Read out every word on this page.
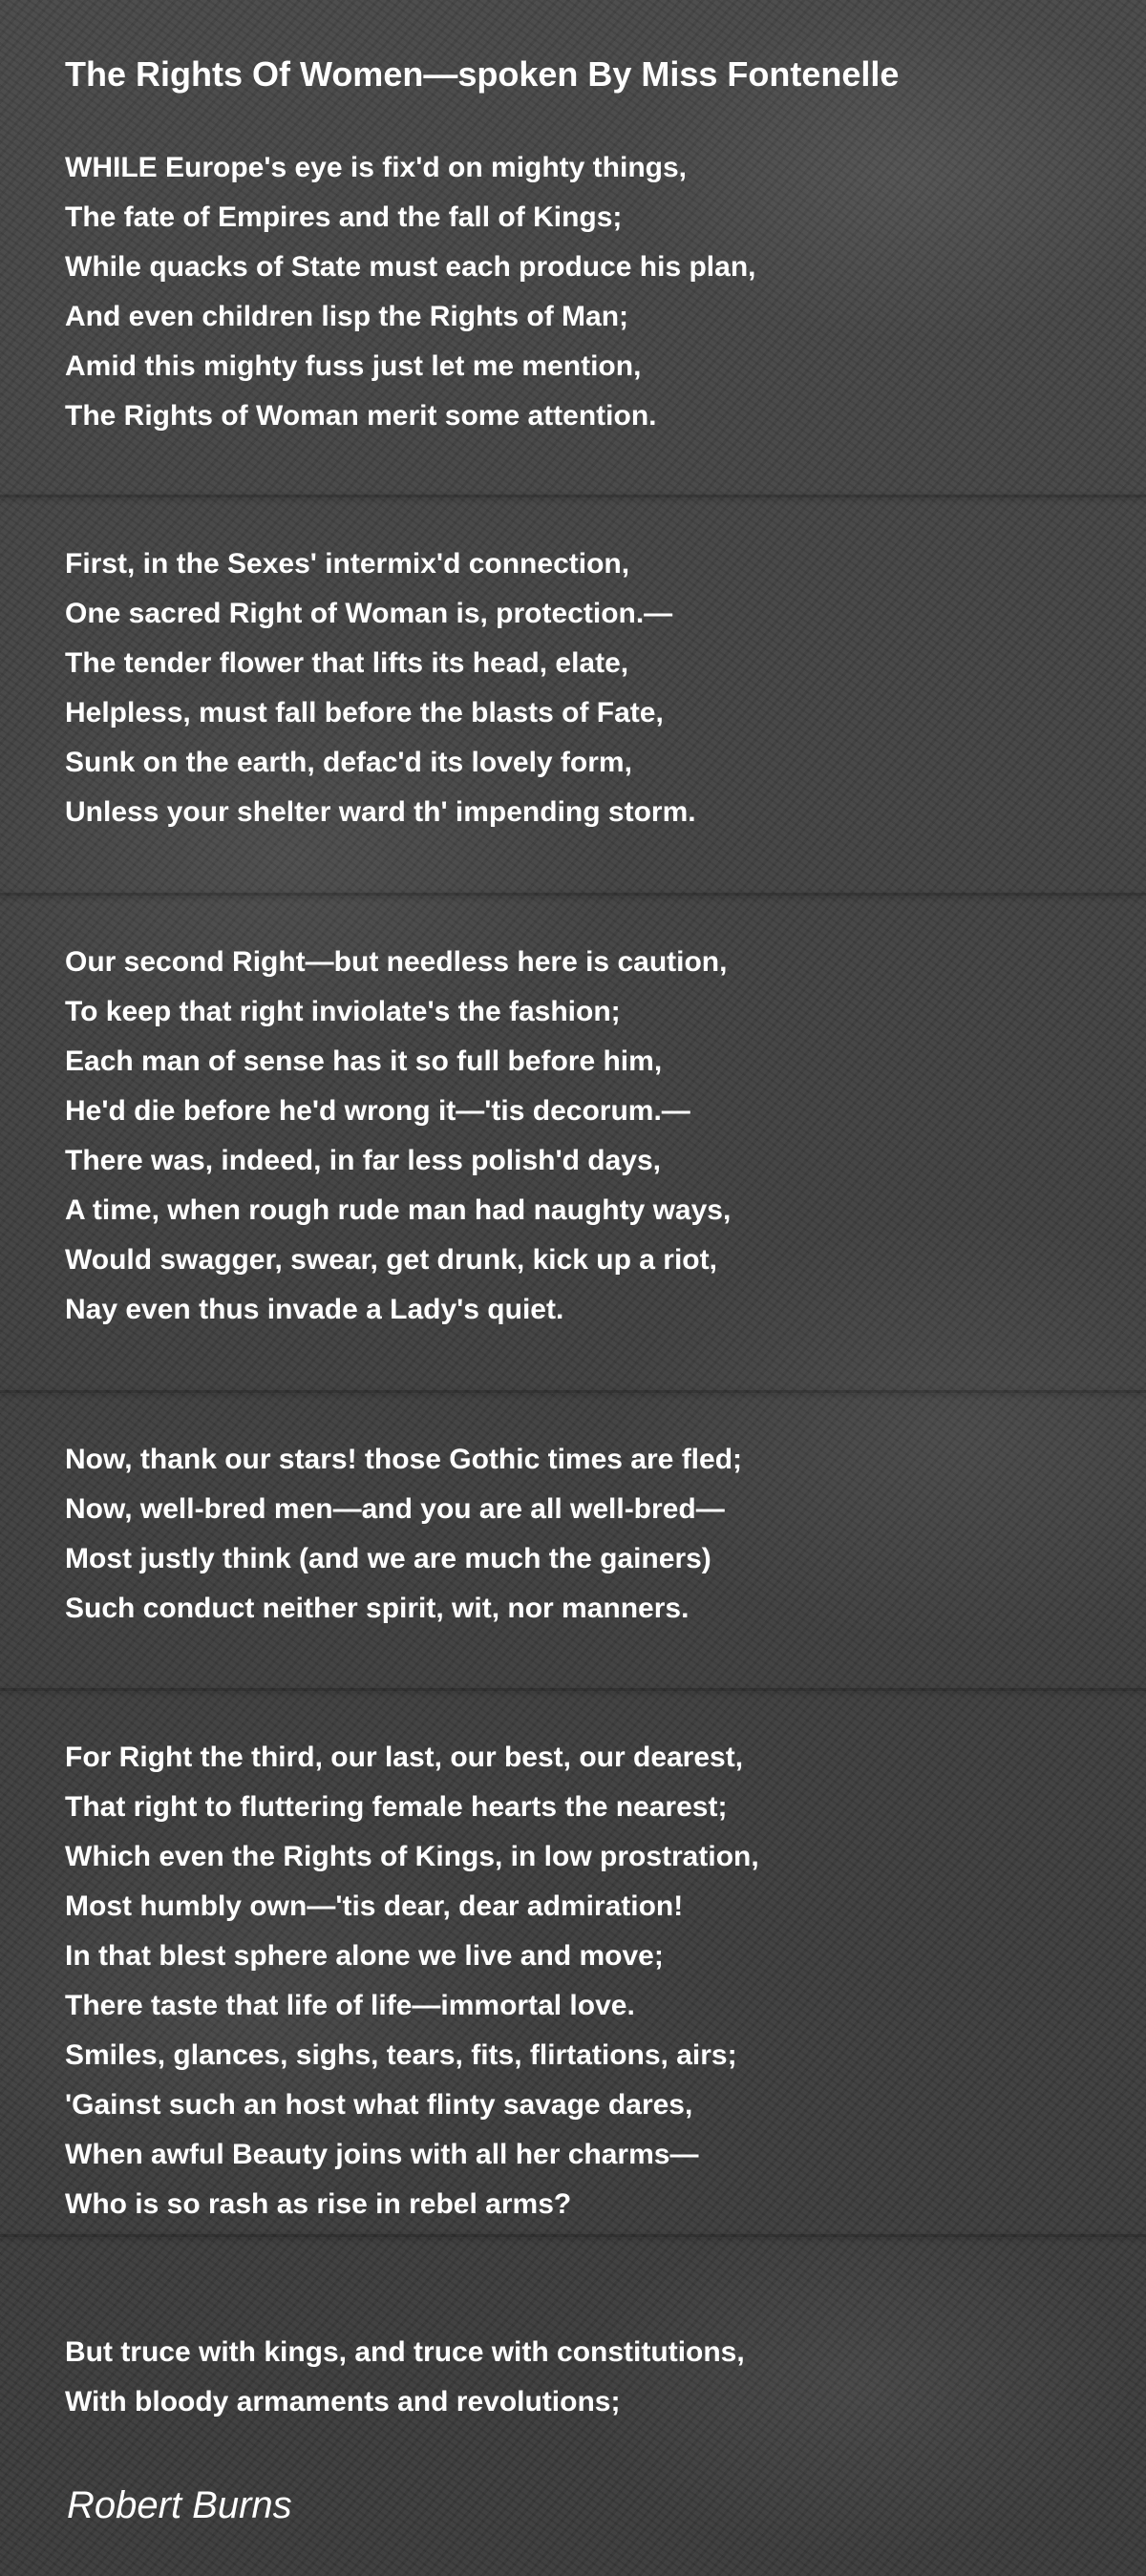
The Rights Of Women—spoken By Miss Fontenelle
WHILE Europe's eye is fix'd on mighty things,
The fate of Empires and the fall of Kings;
While quacks of State must each produce his plan,
And even children lisp the Rights of Man;
Amid this mighty fuss just let me mention,
The Rights of Woman merit some attention.
First, in the Sexes' intermix'd connection,
One sacred Right of Woman is, protection.—
The tender flower that lifts its head, elate,
Helpless, must fall before the blasts of Fate,
Sunk on the earth, defac'd its lovely form,
Unless your shelter ward th' impending storm.
Our second Right—but needless here is caution,
To keep that right inviolate's the fashion;
Each man of sense has it so full before him,
He'd die before he'd wrong it—'tis decorum.—
There was, indeed, in far less polish'd days,
A time, when rough rude man had naughty ways,
Would swagger, swear, get drunk, kick up a riot,
Nay even thus invade a Lady's quiet.
Now, thank our stars! those Gothic times are fled;
Now, well-bred men—and you are all well-bred—
Most justly think (and we are much the gainers)
Such conduct neither spirit, wit, nor manners.
For Right the third, our last, our best, our dearest,
That right to fluttering female hearts the nearest;
Which even the Rights of Kings, in low prostration,
Most humbly own—'tis dear, dear admiration!
In that blest sphere alone we live and move;
There taste that life of life—immortal love.
Smiles, glances, sighs, tears, fits, flirtations, airs;
'Gainst such an host what flinty savage dares,
When awful Beauty joins with all her charms—
Who is so rash as rise in rebel arms?
But truce with kings, and truce with constitutions,
With bloody armaments and revolutions;
Robert Burns
